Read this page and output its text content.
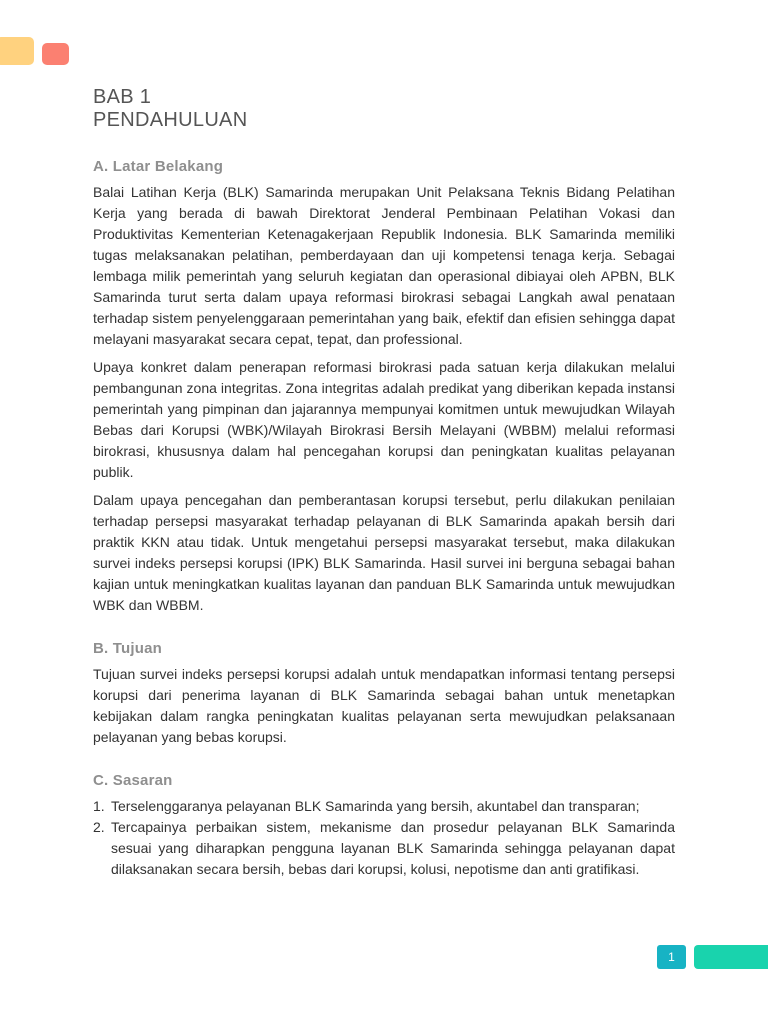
BAB 1
PENDAHULUAN
A. Latar Belakang

Balai Latihan Kerja (BLK) Samarinda merupakan Unit Pelaksana Teknis Bidang Pelatihan Kerja yang berada di bawah Direktorat Jenderal Pembinaan Pelatihan Vokasi dan Produktivitas Kementerian Ketenagakerjaan Republik Indonesia. BLK Samarinda memiliki tugas melaksanakan pelatihan, pemberdayaan dan uji kompetensi tenaga kerja. Sebagai lembaga milik pemerintah yang seluruh kegiatan dan operasional dibiayai oleh APBN, BLK Samarinda turut serta dalam upaya reformasi birokrasi sebagai Langkah awal penataan terhadap sistem penyelenggaraan pemerintahan yang baik, efektif dan efisien sehingga dapat melayani masyarakat secara cepat, tepat, dan professional.

Upaya konkret dalam penerapan reformasi birokrasi pada satuan kerja dilakukan melalui pembangunan zona integritas. Zona integritas adalah predikat yang diberikan kepada instansi pemerintah yang pimpinan dan jajarannya mempunyai komitmen untuk mewujudkan Wilayah Bebas dari Korupsi (WBK)/Wilayah Birokrasi Bersih Melayani (WBBM) melalui reformasi birokrasi, khususnya dalam hal pencegahan korupsi dan peningkatan kualitas pelayanan publik.

Dalam upaya pencegahan dan pemberantasan korupsi tersebut, perlu dilakukan penilaian terhadap persepsi masyarakat terhadap pelayanan di BLK Samarinda apakah bersih dari praktik KKN atau tidak. Untuk mengetahui persepsi masyarakat tersebut, maka dilakukan survei indeks persepsi korupsi (IPK) BLK Samarinda. Hasil survei ini berguna sebagai bahan kajian untuk meningkatkan kualitas layanan dan panduan BLK Samarinda untuk mewujudkan WBK dan WBBM.

B. Tujuan

Tujuan survei indeks persepsi korupsi adalah untuk mendapatkan informasi tentang persepsi korupsi dari penerima layanan di BLK Samarinda sebagai bahan untuk menetapkan kebijakan dalam rangka peningkatan kualitas pelayanan serta mewujudkan pelaksanaan pelayanan yang bebas korupsi.

C. Sasaran
1. Terselenggaranya pelayanan BLK Samarinda yang bersih, akuntabel dan transparan;
2. Tercapainya perbaikan sistem, mekanisme dan prosedur pelayanan BLK Samarinda sesuai yang diharapkan pengguna layanan BLK Samarinda sehingga pelayanan dapat dilaksanakan secara bersih, bebas dari korupsi, kolusi, nepotisme dan anti gratifikasi.
1
